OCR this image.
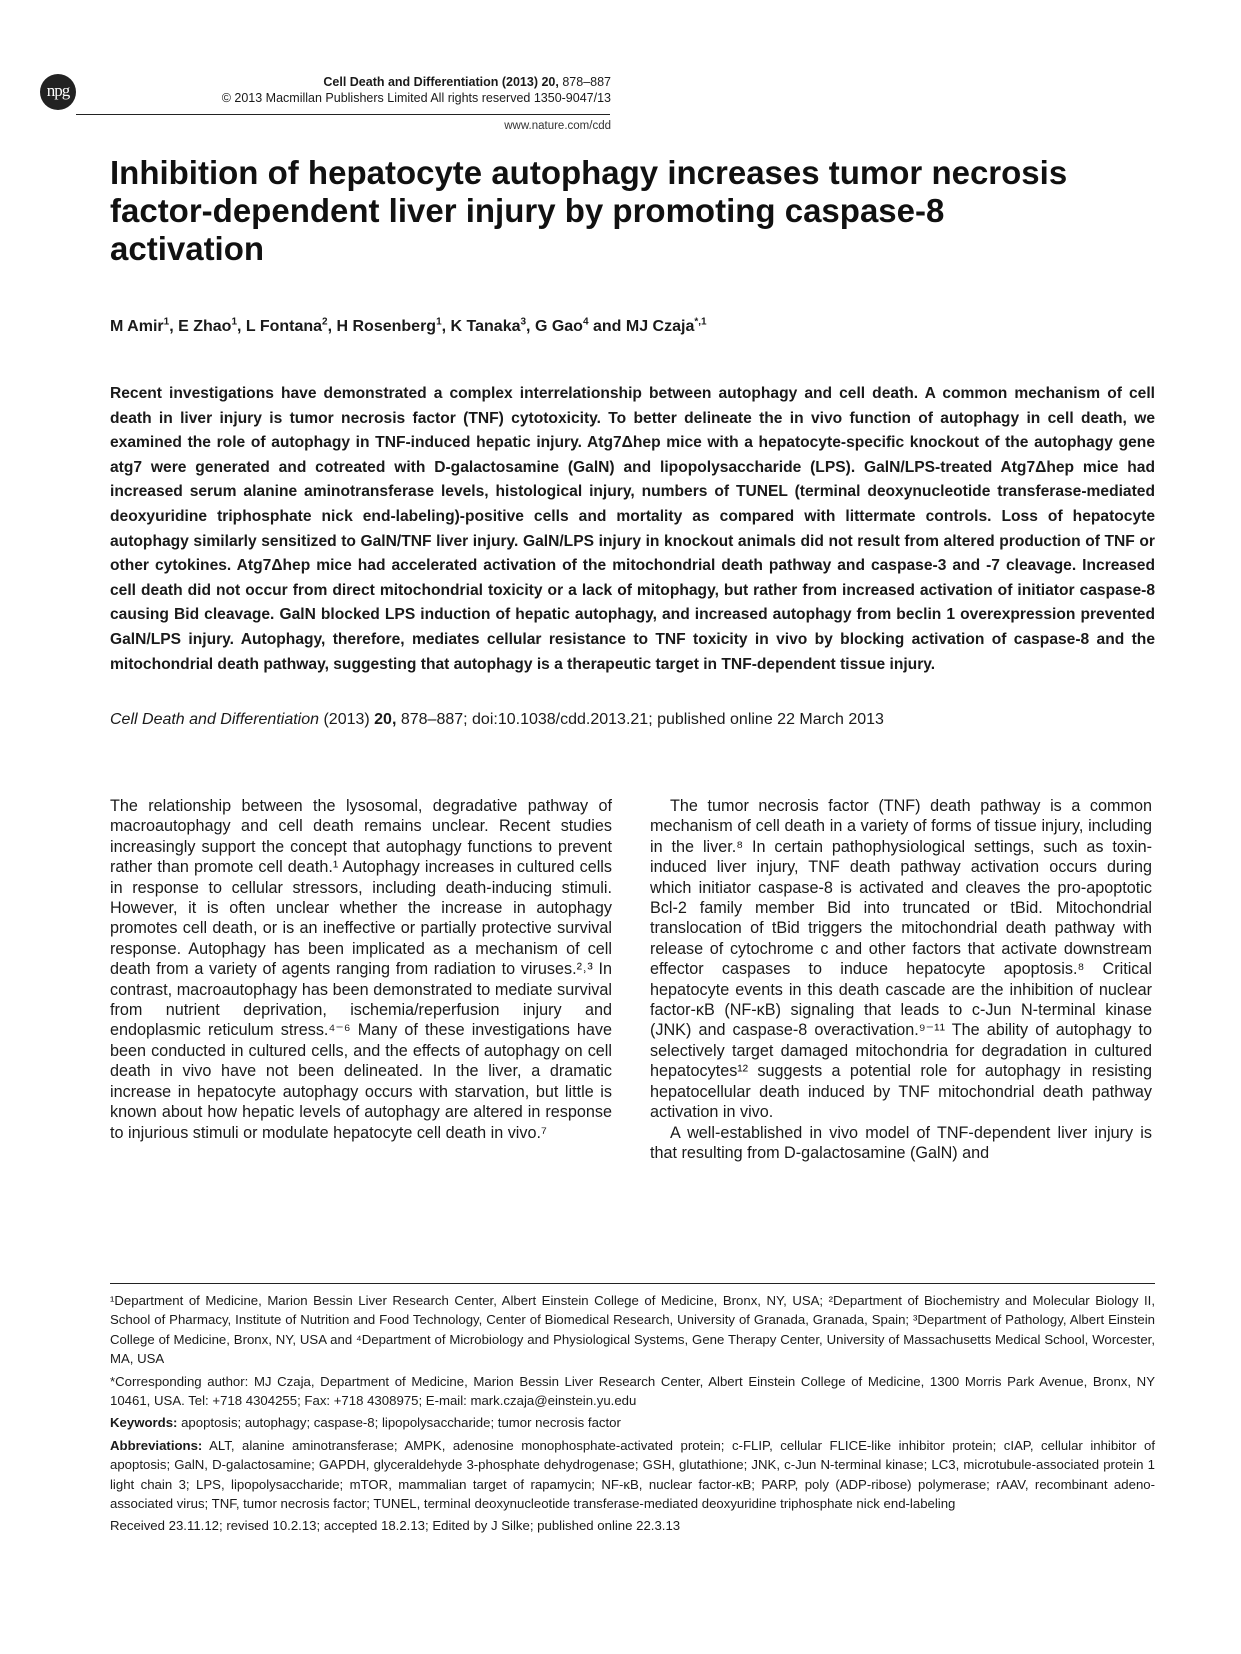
npg	Cell Death and Differentiation (2013) 20, 878–887
© 2013 Macmillan Publishers Limited All rights reserved 1350-9047/13
www.nature.com/cdd
Inhibition of hepatocyte autophagy increases tumor necrosis factor-dependent liver injury by promoting caspase-8 activation
M Amir$^1$, E Zhao$^1$, L Fontana$^2$, H Rosenberg$^1$, K Tanaka$^3$, G Gao$^4$ and MJ Czaja$^{*,1}$
Recent investigations have demonstrated a complex interrelationship between autophagy and cell death. A common mechanism of cell death in liver injury is tumor necrosis factor (TNF) cytotoxicity. To better delineate the in vivo function of autophagy in cell death, we examined the role of autophagy in TNF-induced hepatic injury. Atg7Δhep mice with a hepatocyte-specific knockout of the autophagy gene atg7 were generated and cotreated with D-galactosamine (GalN) and lipopolysaccharide (LPS). GalN/LPS-treated Atg7Δhep mice had increased serum alanine aminotransferase levels, histological injury, numbers of TUNEL (terminal deoxynucleotide transferase-mediated deoxyuridine triphosphate nick end-labeling)-positive cells and mortality as compared with littermate controls. Loss of hepatocyte autophagy similarly sensitized to GalN/TNF liver injury. GalN/LPS injury in knockout animals did not result from altered production of TNF or other cytokines. Atg7Δhep mice had accelerated activation of the mitochondrial death pathway and caspase-3 and -7 cleavage. Increased cell death did not occur from direct mitochondrial toxicity or a lack of mitophagy, but rather from increased activation of initiator caspase-8 causing Bid cleavage. GalN blocked LPS induction of hepatic autophagy, and increased autophagy from beclin 1 overexpression prevented GalN/LPS injury. Autophagy, therefore, mediates cellular resistance to TNF toxicity in vivo by blocking activation of caspase-8 and the mitochondrial death pathway, suggesting that autophagy is a therapeutic target in TNF-dependent tissue injury.
Cell Death and Differentiation (2013) 20, 878–887; doi:10.1038/cdd.2013.21; published online 22 March 2013

The relationship between the lysosomal, degradative pathway of macroautophagy and cell death remains unclear. Recent studies increasingly support the concept that autophagy functions to prevent rather than promote cell death.¹ Autophagy increases in cultured cells in response to cellular stressors, including death-inducing stimuli. However, it is often unclear whether the increase in autophagy promotes cell death, or is an ineffective or partially protective survival response. Autophagy has been implicated as a mechanism of cell death from a variety of agents ranging from radiation to viruses.²˒³ In contrast, macroautophagy has been demonstrated to mediate survival from nutrient deprivation, ischemia/reperfusion injury and endoplasmic reticulum stress.⁴⁻⁶ Many of these investigations have been conducted in cultured cells, and the effects of autophagy on cell death in vivo have not been delineated. In the liver, a dramatic increase in hepatocyte autophagy occurs with starvation, but little is known about how hepatic levels of autophagy are altered in response to injurious stimuli or modulate hepatocyte cell death in vivo.⁷

The tumor necrosis factor (TNF) death pathway is a common mechanism of cell death in a variety of forms of tissue injury, including in the liver.⁸ In certain pathophysiological settings, such as toxin-induced liver injury, TNF death pathway activation occurs during which initiator caspase-8 is activated and cleaves the pro-apoptotic Bcl-2 family member Bid into truncated or tBid. Mitochondrial translocation of tBid triggers the mitochondrial death pathway with release of cytochrome c and other factors that activate downstream effector caspases to induce hepatocyte apoptosis.⁸ Critical hepatocyte events in this death cascade are the inhibition of nuclear factor-κB (NF-κB) signaling that leads to c-Jun N-terminal kinase (JNK) and caspase-8 overactivation.⁹⁻¹¹ The ability of autophagy to selectively target damaged mitochondria for degradation in cultured hepatocytes¹² suggests a potential role for autophagy in resisting hepatocellular death induced by TNF mitochondrial death pathway activation in vivo.

A well-established in vivo model of TNF-dependent liver injury is that resulting from D-galactosamine (GalN) and

¹Department of Medicine, Marion Bessin Liver Research Center, Albert Einstein College of Medicine, Bronx, NY, USA; ²Department of Biochemistry and Molecular Biology II, School of Pharmacy, Institute of Nutrition and Food Technology, Center of Biomedical Research, University of Granada, Granada, Spain; ³Department of Pathology, Albert Einstein College of Medicine, Bronx, NY, USA and ⁴Department of Microbiology and Physiological Systems, Gene Therapy Center, University of Massachusetts Medical School, Worcester, MA, USA

*Corresponding author: MJ Czaja, Department of Medicine, Marion Bessin Liver Research Center, Albert Einstein College of Medicine, 1300 Morris Park Avenue, Bronx, NY 10461, USA. Tel: +718 4304255; Fax: +718 4308975; E-mail: mark.czaja@einstein.yu.edu

Keywords: apoptosis; autophagy; caspase-8; lipopolysaccharide; tumor necrosis factor

Abbreviations: ALT, alanine aminotransferase; AMPK, adenosine monophosphate-activated protein; c-FLIP, cellular FLICE-like inhibitor protein; cIAP, cellular inhibitor of apoptosis; GalN, D-galactosamine; GAPDH, glyceraldehyde 3-phosphate dehydrogenase; GSH, glutathione; JNK, c-Jun N-terminal kinase; LC3, microtubule-associated protein 1 light chain 3; LPS, lipopolysaccharide; mTOR, mammalian target of rapamycin; NF-κB, nuclear factor-κB; PARP, poly (ADP-ribose) polymerase; rAAV, recombinant adeno-associated virus; TNF, tumor necrosis factor; TUNEL, terminal deoxynucleotide transferase-mediated deoxyuridine triphosphate nick end-labeling

Received 23.11.12; revised 10.2.13; accepted 18.2.13; Edited by J Silke; published online 22.3.13
